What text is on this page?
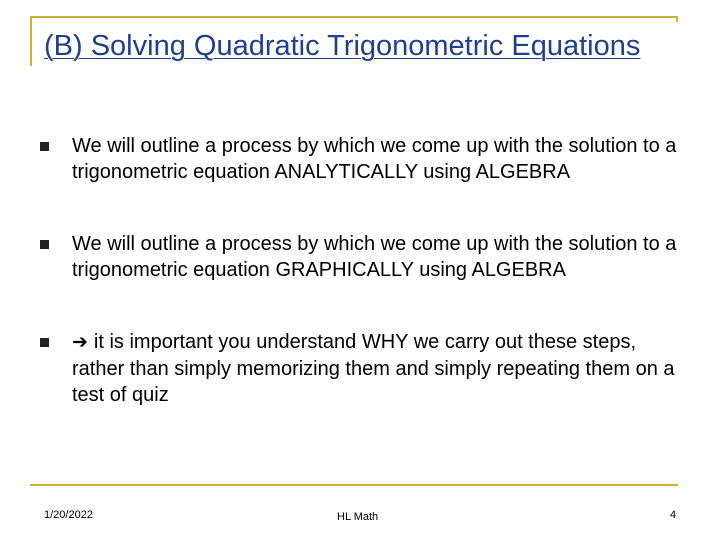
(B) Solving Quadratic Trigonometric Equations
We will outline a process by which we come up with the solution to a trigonometric equation ANALYTICALLY using ALGEBRA
We will outline a process by which we come up with the solution to a trigonometric equation GRAPHICALLY using ALGEBRA
➔ it is important you understand WHY we carry out these steps, rather than simply memorizing them and simply repeating them on a test of quiz
1/20/2022	HL Math	4
